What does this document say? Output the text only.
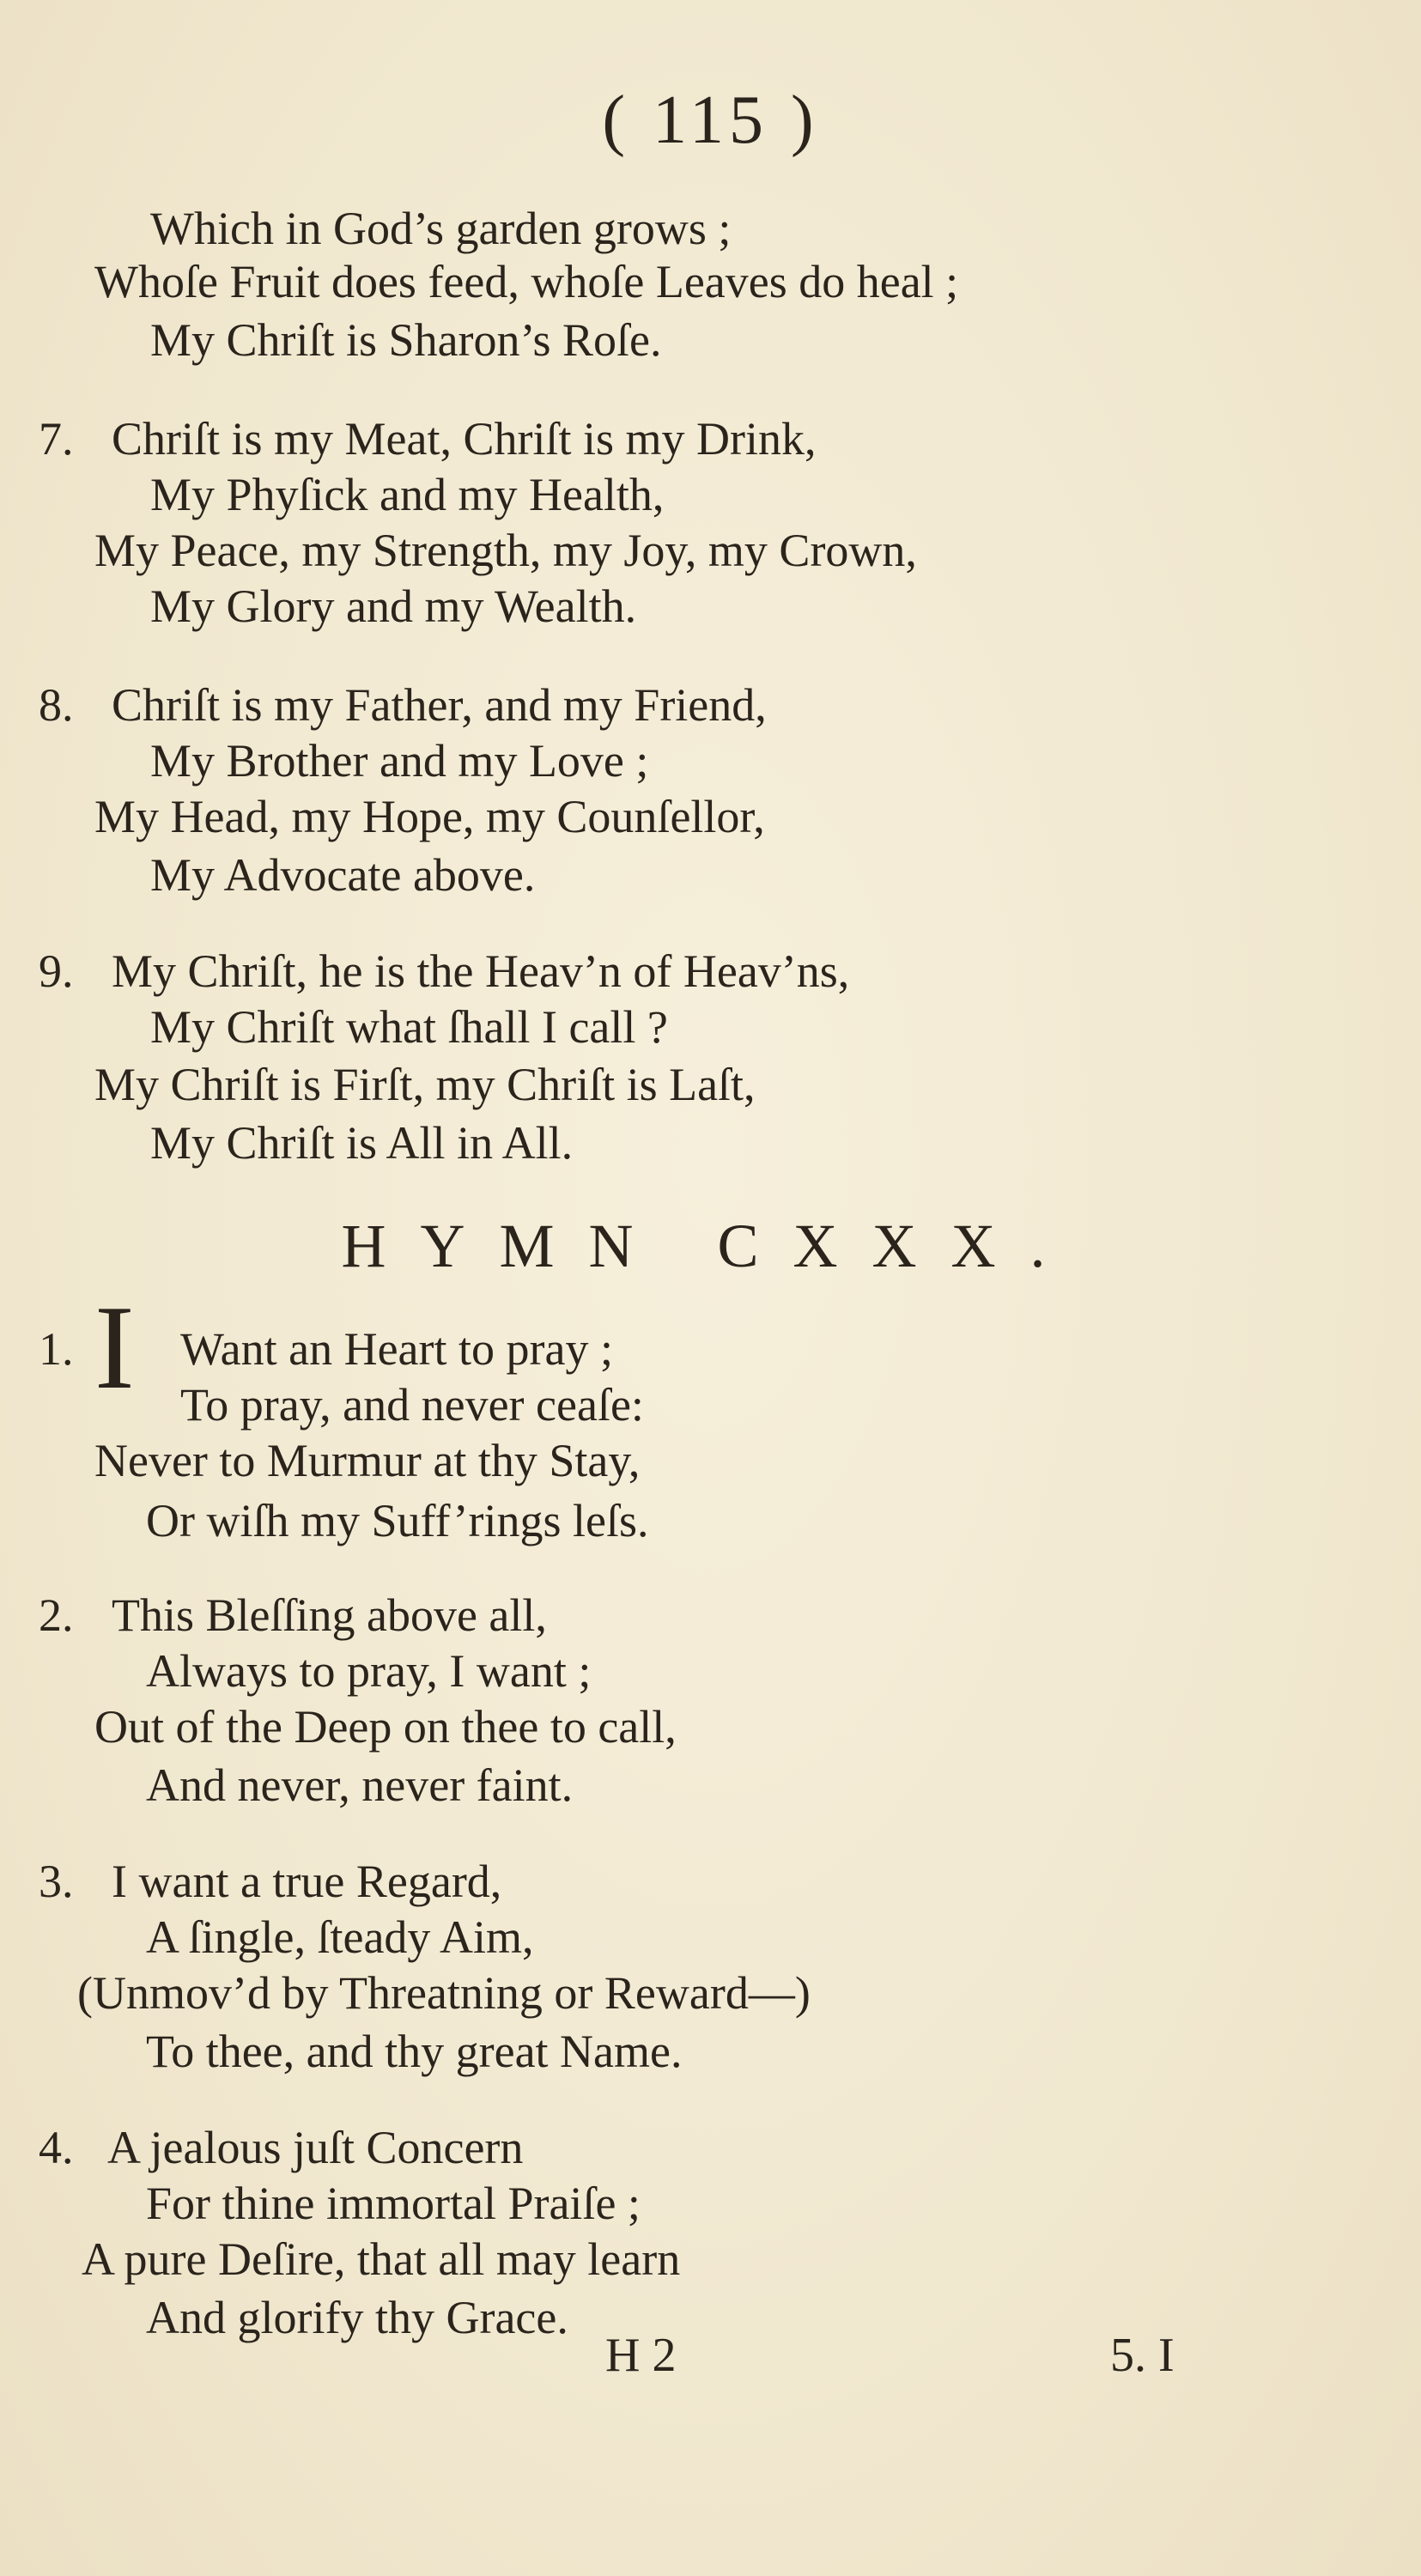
( 115 )
Which in God’s garden grows ;
Whoſe Fruit does feed, whoſe Leaves do heal ;
My Chriſt is Sharon’s Roſe.
7. Chriſt is my Meat, Chriſt is my Drink,
My Phyſick and my Health,
My Peace, my Strength, my Joy, my Crown,
My Glory and my Wealth.
8. Chriſt is my Father, and my Friend,
My Brother and my Love ;
My Head, my Hope, my Counſellor,
My Advocate above.
9. My Chriſt, he is the Heav’n of Heav’ns,
My Chriſt what ſhall I call ?
My Chriſt is Firſt, my Chriſt is Laſt,
My Chriſt is All in All.
HYMN CXXX.
1. I Want an Heart to pray ;
To pray, and never ceaſe:
Never to Murmur at thy Stay,
Or wiſh my Suff’rings leſs.
2. This Bleſſing above all,
Always to pray, I want ;
Out of the Deep on thee to call,
And never, never faint.
3. I want a true Regard,
A ſingle, ſteady Aim,
(Unmov’d by Threatning or Reward—)
To thee, and thy great Name.
4. A jealous juſt Concern
For thine immortal Praiſe ;
A pure Deſire, that all may learn
And glorify thy Grace.
H 2	5. I
